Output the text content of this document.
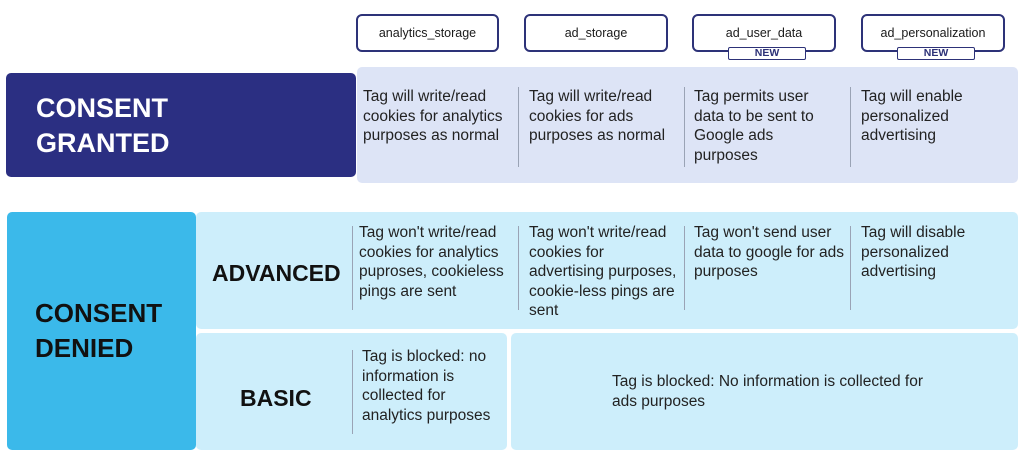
analytics_storage	ad_storage	ad_user_data
NEW
ad_personalization
NEW
CONSENT
GRANTED
Tag will write/read cookies for analytics purposes as normal
Tag will write/read cookies for ads purposes as normal
Tag permits user data to be sent to Google ads purposes
Tag will enable personalized advertising
CONSENT
DENIED
ADVANCED
Tag won't write/read cookies for analytics puproses, cookieless pings are sent
Tag won't write/read cookies for advertising purposes, cookie-less pings are sent
Tag won't send user data to google for ads purposes
Tag will disable personalized advertising
BASIC
Tag is blocked: no information is collected for analytics purposes
Tag is blocked: No information is collected for ads purposes
